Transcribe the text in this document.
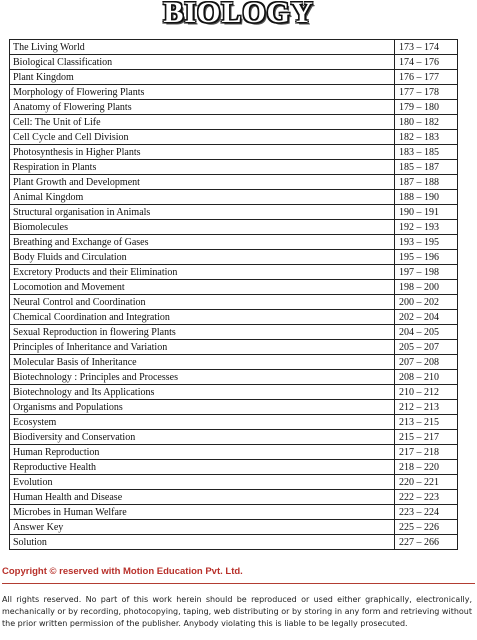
BIOLOGY
The Living World	173 – 174
Biological Classification	174 – 176
Plant Kingdom	176 – 177
Morphology of Flowering Plants	177 – 178
Anatomy of Flowering Plants	179 – 180
Cell: The Unit of Life	180 – 182
Cell Cycle and Cell Division	182 – 183
Photosynthesis in Higher Plants	183 – 185
Respiration in Plants	185 – 187
Plant Growth and Development	187 – 188
Animal Kingdom	188 – 190
Structural organisation in Animals	190 – 191
Biomolecules	192 – 193
Breathing and Exchange of Gases	193 – 195
Body Fluids and Circulation	195 – 196
Excretory Products and their Elimination	197 – 198
Locomotion and Movement	198 – 200
Neural Control and Coordination	200 – 202
Chemical Coordination and Integration	202 – 204
Sexual Reproduction in flowering Plants	204 – 205
Principles of Inheritance and Variation	205 – 207
Molecular Basis of Inheritance	207 – 208
Biotechnology : Principles and Processes	208 – 210
Biotechnology and Its Applications	210 – 212
Organisms and Populations	212 – 213
Ecosystem	213 – 215
Biodiversity and Conservation	215 – 217
Human Reproduction	217 – 218
Reproductive Health	218 – 220
Evolution	220 – 221
Human Health and Disease	222 – 223
Microbes in Human Welfare	223 – 224
Answer Key	225 – 226
Solution	227 – 266
Copyright © reserved with Motion Education Pvt. Ltd.
All rights reserved. No part of this work herein should be reproduced or used either graphically, electronically, mechanically or by recording, photocopying, taping, web distributing or by storing in any form and retrieving without the prior written permission of the publisher. Anybody violating this is liable to be legally prosecuted.
